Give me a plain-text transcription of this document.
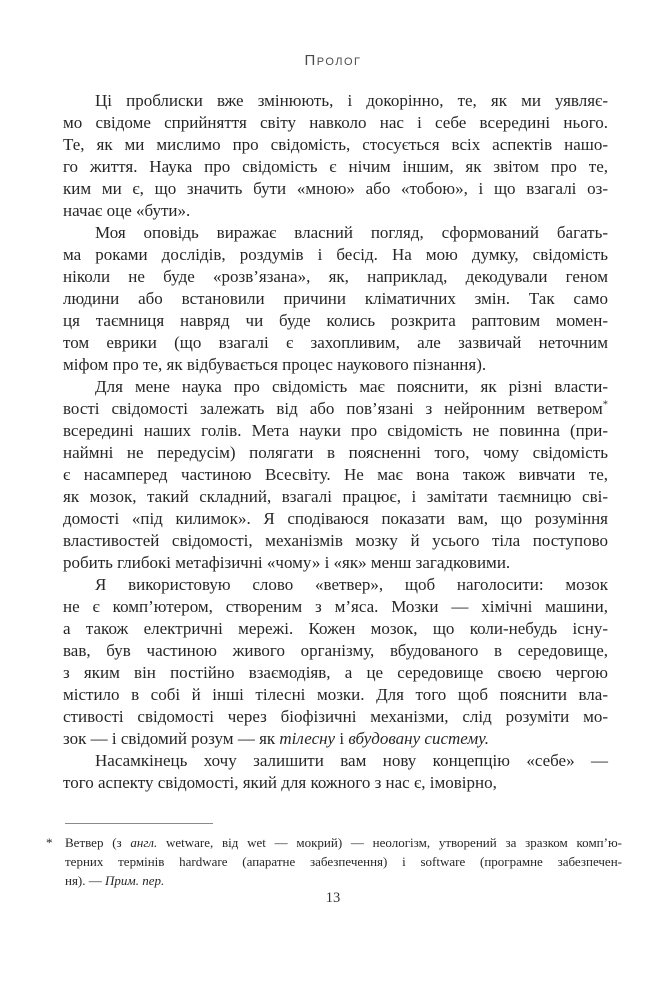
Пролог
Ці проблиски вже змінюють, і докорінно, те, як ми уявляє-
мо свідоме сприйняття світу навколо нас і себе всередині нього.
Те, як ми мислимо про свідомість, стосується всіх аспектів нашо-
го життя. Наука про свідомість є нічим іншим, як звітом про те,
ким ми є, що значить бути «мною» або «тобою», і що взагалі оз-
начає оце «бути».
Моя оповідь виражає власний погляд, сформований багать-
ма роками дослідів, роздумів і бесід. На мою думку, свідомість
ніколи не буде «розв’язана», як, наприклад, декодували геном
людини або встановили причини кліматичних змін. Так само
ця таємниця навряд чи буде колись розкрита раптовим момен-
том еврики (що взагалі є захопливим, але зазвичай неточним
міфом про те, як відбувається процес наукового пізнання).
Для мене наука про свідомість має пояснити, як різні власти-
вості свідомості залежать від або пов’язані з нейронним ветвером*
всередині наших голів. Мета науки про свідомість не повинна (при-
наймні не передусім) полягати в поясненні того, чому свідомість
є насамперед частиною Всесвіту. Не має вона також вивчати те,
як мозок, такий складний, взагалі працює, і замітати таємницю сві-
домості «під килимок». Я сподіваюся показати вам, що розуміння
властивостей свідомості, механізмів мозку й усього тіла поступово
робить глибокі метафізичні «чому» і «як» менш загадковими.
Я використовую слово «ветвер», щоб наголосити: мозок
не є комп’ютером, створеним з м’яса. Мозки — хімічні машини,
а також електричні мережі. Кожен мозок, що коли-небудь існу-
вав, був частиною живого організму, вбудованого в середовище,
з яким він постійно взаємодіяв, а це середовище своєю чергою
містило в собі й інші тілесні мозки. Для того щоб пояснити вла-
стивості свідомості через біофізичні механізми, слід розуміти мо-
зок — і свідомий розум — як тілесну і вбудовану систему.
Насамкінець хочу залишити вам нову концепцію «себе» —
того аспекту свідомості, який для кожного з нас є, імовірно,
* Ветвер (з англ. wetware, від wet — мокрий) — неологізм, утворений за зразком комп’ю-
терних термінів hardware (апаратне забезпечення) і software (програмне забезпечен-
ня). — Прим. пер.
13
